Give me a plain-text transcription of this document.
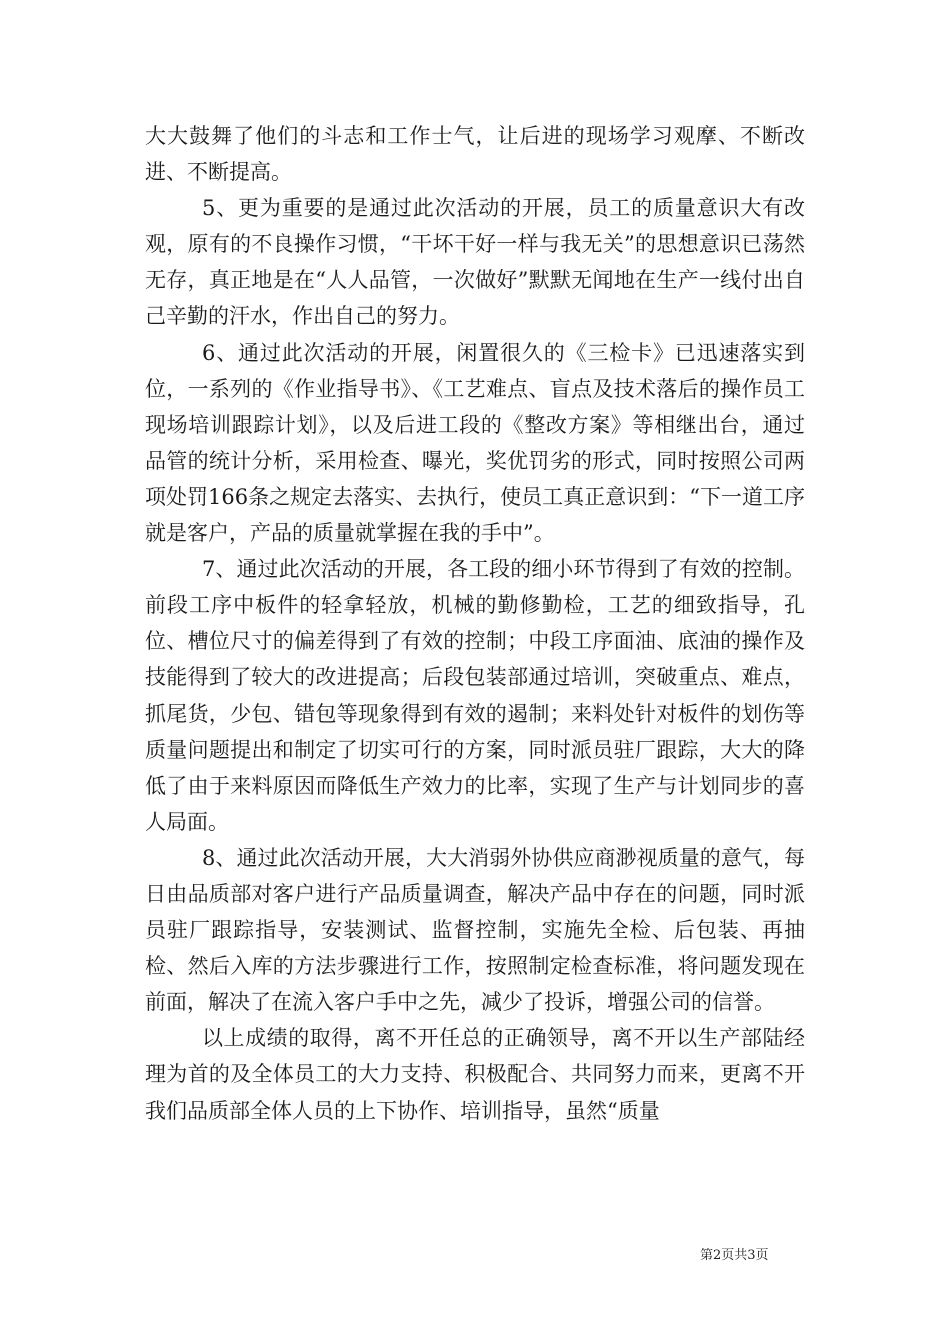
大大鼓舞了他们的斗志和工作士气，让后进的现场学习观摩、不断改进、不断提高。

5、更为重要的是通过此次活动的开展，员工的质量意识大有改观，原有的不良操作习惯，“干坏干好一样与我无关”的思想意识已荡然无存，真正地是在“人人品管，一次做好”默默无闻地在生产一线付出自己辛勤的汗水，作出自己的努力。

6、通过此次活动的开展，闲置很久的《三检卡》已迅速落实到位，一系列的《作业指导书》、《工艺难点、盲点及技术落后的操作员工现场培训跟踪计划》，以及后进工段的《整改方案》等相继出台，通过品管的统计分析，采用检查、曝光，奖优罚劣的形式，同时按照公司两项处罚166条之规定去落实、去执行，使员工真正意识到：“下一道工序就是客户，产品的质量就掌握在我的手中”。

7、通过此次活动的开展，各工段的细小环节得到了有效的控制。前段工序中板件的轻拿轻放，机械的勤修勤检，工艺的细致指导，孔位、槽位尺寸的偏差得到了有效的控制；中段工序面油、底油的操作及技能得到了较大的改进提高；后段包装部通过培训，突破重点、难点，抓尾货，少包、错包等现象得到有效的遏制；来料处针对板件的划伤等质量问题提出和制定了切实可行的方案，同时派员驻厂跟踪，大大的降低了由于来料原因而降低生产效力的比率，实现了生产与计划同步的喜人局面。

8、通过此次活动开展，大大消弱外协供应商渺视质量的意气，每日由品质部对客户进行产品质量调查，解决产品中存在的问题，同时派员驻厂跟踪指导，安装测试、监督控制，实施先全检、后包装、再抽检、然后入库的方法步骤进行工作，按照制定检查标准，将问题发现在前面，解决了在流入客户手中之先，减少了投诉，增强公司的信誉。

以上成绩的取得，离不开任总的正确领导，离不开以生产部陆经理为首的及全体员工的大力支持、积极配合、共同努力而来，更离不开我们品质部全体人员的上下协作、培训指导，虽然“质量

第2页共3页
